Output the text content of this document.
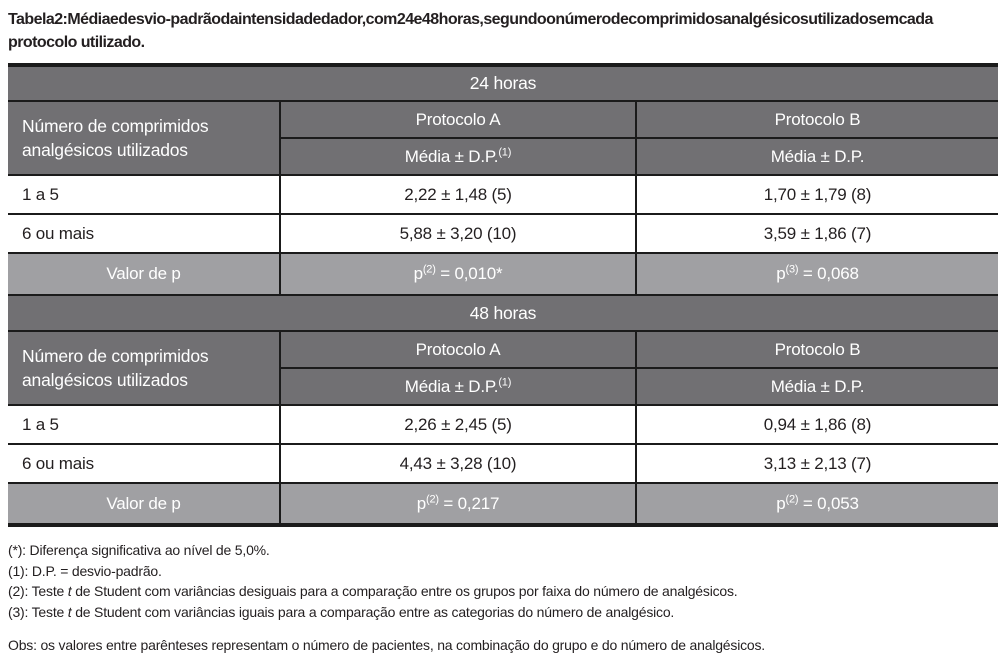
Tabela2:Médiaedesvio-padrãodaintensidadedador,com24e48horas,segundoonúmerodecomprimidosanalgésicosutilizadosemcada
protocolo utilizado.
24 horas		
Número de comprimidos analgésicos utilizados	Protocolo A	Protocolo B
	Média ± D.P.$^{(1)}$	Média ± D.P.
1 a 5	2,22 ± 1,48 (5)	1,70 ± 1,79 (8)
6 ou mais	5,88 ± 3,20 (10)	3,59 ± 1,86 (7)
Valor de p	$p^{(2)} = 0,010*$	$p^{(3)} = 0,068$
48 horas		
Número de comprimidos analgésicos utilizados	Protocolo A	Protocolo B
	Média ± D.P.$^{(1)}$	Média ± D.P.
1 a 5	2,26 ± 2,45 (5)	0,94 ± 1,86 (8)
6 ou mais	4,43 ± 3,28 (10)	3,13 ± 2,13 (7)
Valor de p	$p^{(2)} = 0,217$	$p^{(2)} = 0,053$
(*): Diferença significativa ao nível de 5,0%.
(1): D.P. = desvio-padrão.
(2): Teste t de Student com variâncias desiguais para a comparação entre os grupos por faixa do número de analgésicos.
(3): Teste t de Student com variâncias iguais para a comparação entre as categorias do número de analgésico.
Obs: os valores entre parênteses representam o número de pacientes, na combinação do grupo e do número de analgésicos.
